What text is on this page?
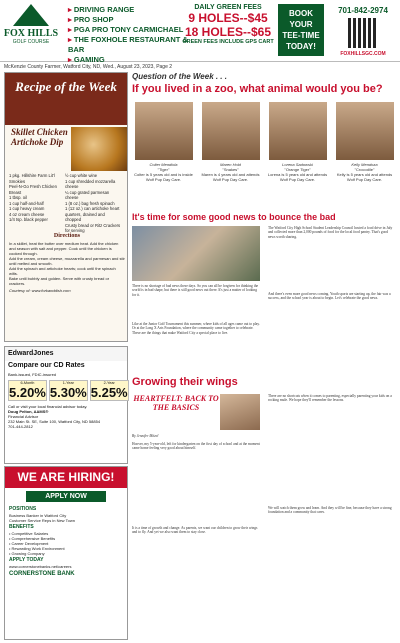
FOX HILLS
GOLF COURSE
▸ DRIVING RANGE
▸ PRO SHOP
▸ PGA PRO TONY CARMICHAEL
▸ THE FOXHOLE RESTAURANT & BAR
▸ GAMING
DAILY GREEN FEES
9 HOLES--$45
18 HOLES--$65
GREEN FEES INCLUDE GPS CART
BOOK
YOUR
TEE-TIME
TODAY!
701-842-2974
FOXHILLSGC.COM
McKenzie County Farmer, Watford City, ND, Wed., August 23, 2023, Page 2
Recipe of the Week
Skillet Chicken Artichoke Dip
1 pkg. Hillshire Farm Lit'l Smokies
Peel-N-Go Fresh Chicken Breast
1 tbsp. oil
1 cup half-and-half
1 cup heavy cream
4 oz cream cheese
1/4 tsp. black pepper
½ cup white wine
1 cup shredded mozzarella cheese
¼ cup grated parmesan cheese
1 (8 oz.) bag fresh spinach
1 (12 oz.) can artichoke heart quarters, drained and chopped
Crusty bread or Ritz Crackers for serving
Directions

In a skillet, heat the butter over medium heat. Add the chicken and season with salt and pepper. Cook until the chicken is cooked through.

Add the cream, cream cheese, mozzarella and parmesan and stir until melted and smooth.

Add the spinach and artichoke hearts; cook until the spinach wilts.

Bake until bubbly and golden. Serve with crusty bread or crackers.

Courtesy of: www.forkanddish.com

Question of the Week . . .
If you lived in a zoo, what animal would you be?
Colter Mendiola
"Tiger"
Colter is 5 years old and is inside Wolf Pup Day Care.
Maren Hold
"Snakes"
Maren is 4 years old and attends Wolf Pup Day Care.
Lorena Sadowski
"Orange Tiger"
Lorena is 5 years old and attends Wolf Pup Day Care.
Kelly Mendoza
"Crocodile"
Kelly is 5 years old and attends Wolf Pup Day Care.
It's time for some good news to bounce the bad
There is no shortage of bad news these days. So you can all be forgiven for thinking the world is in bad shape, but there is still good news out there. It's just a matter of looking for it.
Like at the Junior Golf Tournament this summer, where kids of all ages came out to play. Or at the Long X Arts Foundation, where the community came together to celebrate. These are the things that make Watford City a special place to live.
The Watford City High School Student Leadership Council hosted a food drive in July and collected more than 2,000 pounds of food for the local food pantry. That's good news worth sharing.
And there's even more good news coming. Youth sports are starting up, the fair was a success, and the school year is about to begin. Let's celebrate the good news.
EdwardJones
Compare our CD Rates
Bank-issued, FDIC-insured
6-Month
5.20%
1-Year
5.30%
2-Year
5.25%
Call or visit your local financial advisor today.
Doug Pelton, AAMS®
Financial Advisor
232 Main St. SE, Suite 100, Watford City, ND 58854
701-444-2812
WE ARE HIRING!
APPLY NOW
POSITIONS
Business Banker in Watford City
Customer Service Reps in New Town
BENEFITS
• Competitive Salaries
• Comprehensive Benefits
• Career Development
• Rewarding Work Environment
• Growing Company
APPLY TODAY
www.cornerstonebanks.net/careers
CORNERSTONE BANK
Growing their wings
HEARTFELT: BACK TO THE BASICS
By Jennifer Mitzel
Hoover, my 5-year-old, left for kindergarten on the first day of school and at the moment came home feeling very good about himself.
It is a time of growth and change. As parents, we want our children to grow their wings and to fly. And yet we also want them to stay close.
There are no shortcuts when it comes to parenting, especially parenting your kids on a rocking mule. We hope they'll remember the lessons.
We will watch them grow and learn. And they will be fine, because they have a strong foundation and a community that cares.
